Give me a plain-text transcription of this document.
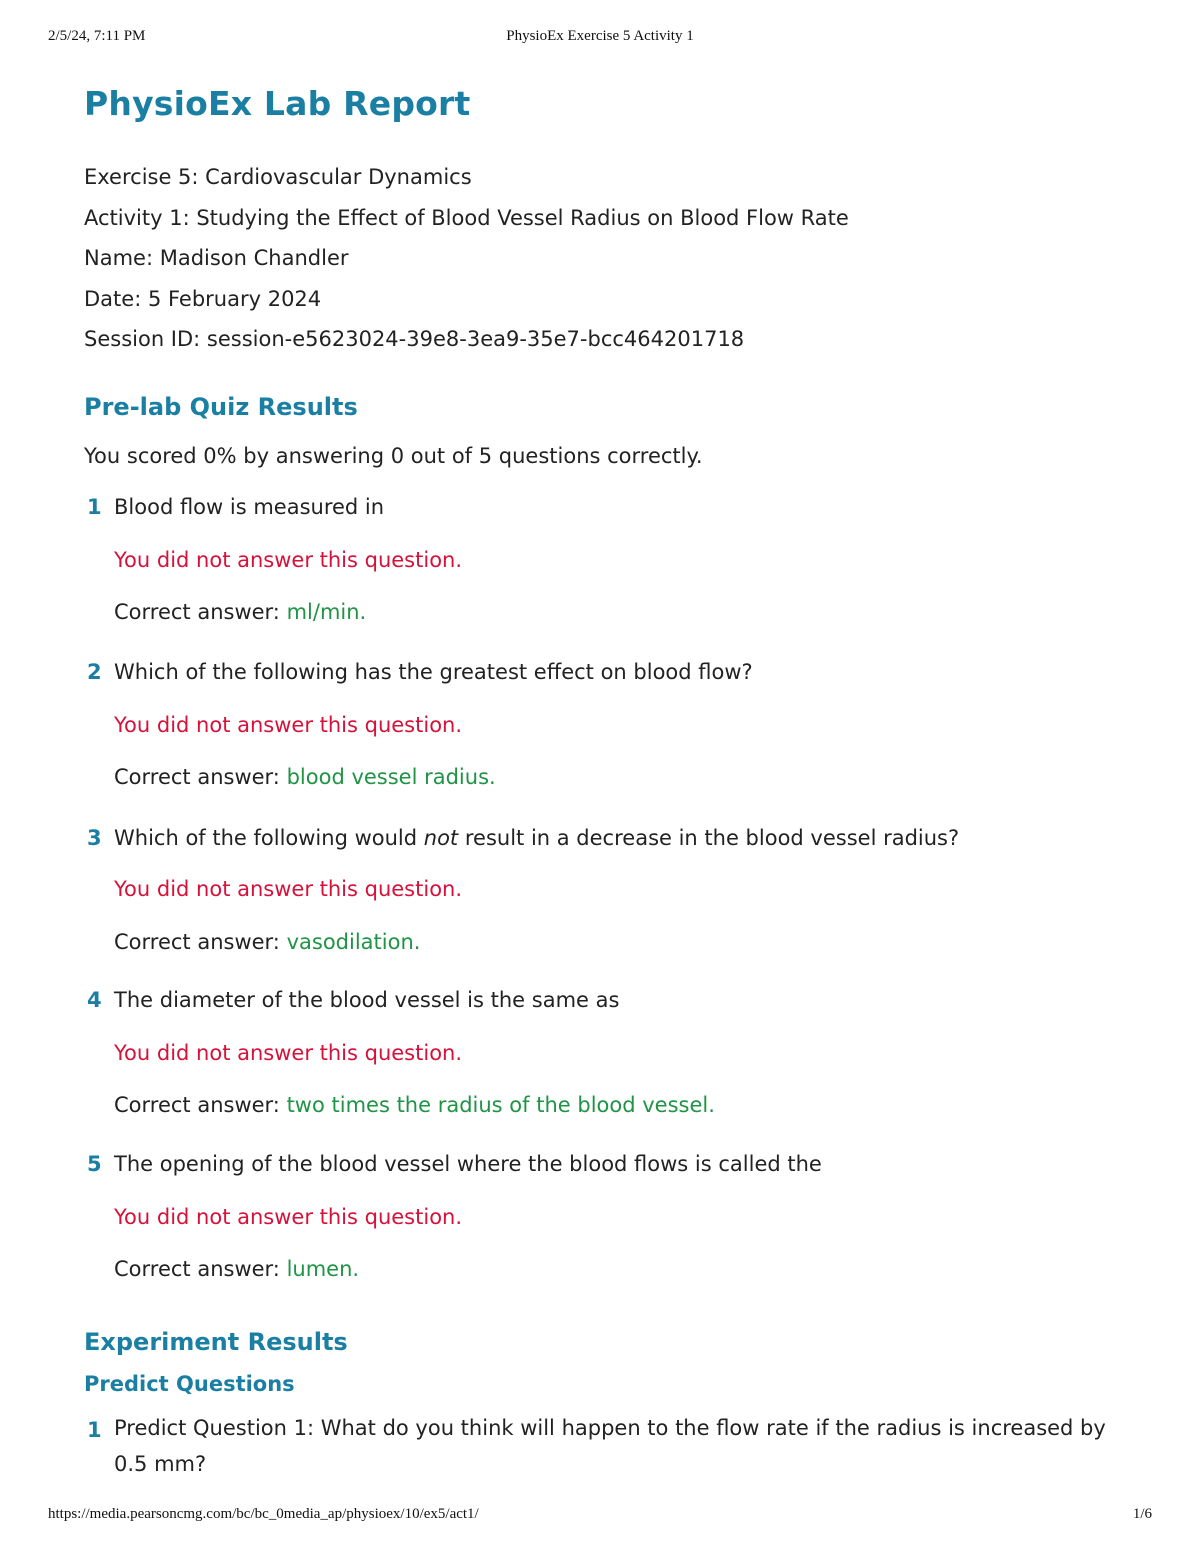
2/5/24, 7:11 PM	PhysioEx Exercise 5 Activity 1
PhysioEx Lab Report
Exercise 5: Cardiovascular Dynamics
Activity 1: Studying the Effect of Blood Vessel Radius on Blood Flow Rate
Name: Madison Chandler
Date: 5 February 2024
Session ID: session-e5623024-39e8-3ea9-35e7-bcc464201718
Pre-lab Quiz Results
You scored 0% by answering 0 out of 5 questions correctly.
1 Blood flow is measured in
You did not answer this question.
Correct answer: ml/min.
2 Which of the following has the greatest effect on blood flow?
You did not answer this question.
Correct answer: blood vessel radius.
3 Which of the following would not result in a decrease in the blood vessel radius?
You did not answer this question.
Correct answer: vasodilation.
4 The diameter of the blood vessel is the same as
You did not answer this question.
Correct answer: two times the radius of the blood vessel.
5 The opening of the blood vessel where the blood flows is called the
You did not answer this question.
Correct answer: lumen.
Experiment Results
Predict Questions
1 Predict Question 1: What do you think will happen to the flow rate if the radius is increased by 0.5 mm?
https://media.pearsoncmg.com/bc/bc_0media_ap/physioex/10/ex5/act1/	1/6
